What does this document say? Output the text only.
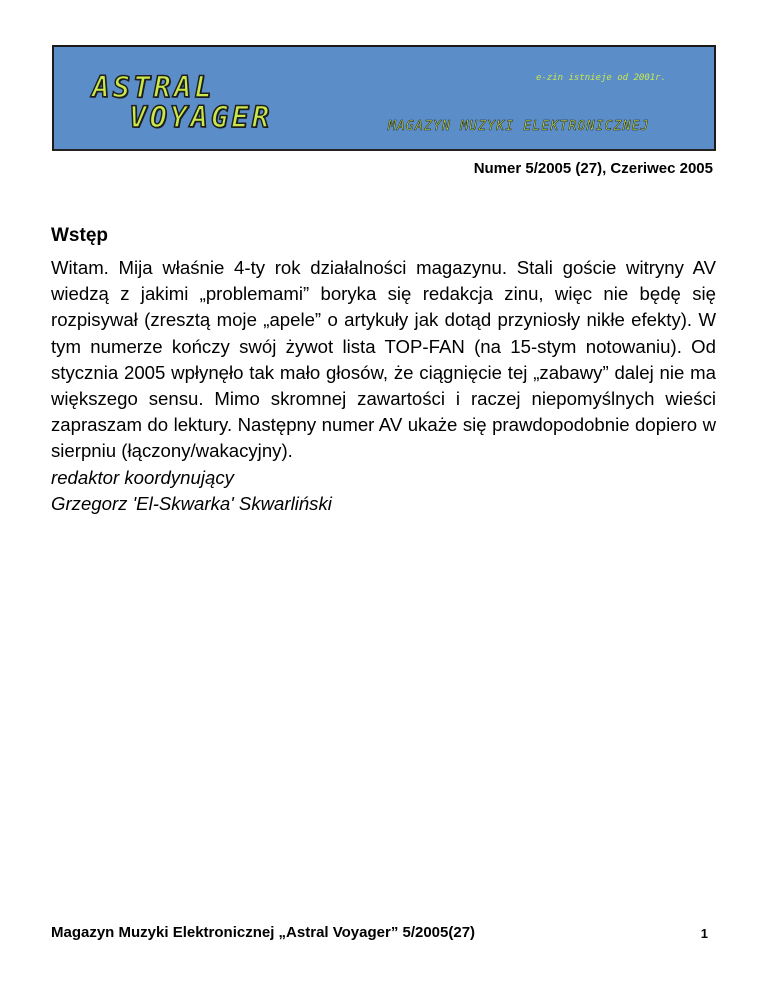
ASTRAL
VOYAGER
e-zin istnieje od 2001r.
MAGAZYN MUZYKI ELEKTRONICZNEJ
Numer 5/2005 (27), Czeriwec 2005
Wstęp

Witam. Mija właśnie 4-ty rok działalności magazynu. Stali goście witryny AV wiedzą z jakimi „problemami” boryka się redakcja zinu, więc nie będę się rozpisywał (zresztą moje „apele” o artykuły jak dotąd przyniosły nikłe efekty). W tym numerze kończy swój żywot lista TOP-FAN (na 15-stym notowaniu). Od stycznia 2005 wpłynęło tak mało głosów, że ciągnięcie tej „zabawy” dalej nie ma większego sensu. Mimo skromnej zawartości i raczej niepomyślnych wieści zapraszam do lektury. Następny numer AV ukaże się prawdopodobnie dopiero w sierpniu (łączony/wakacyjny).

redaktor koordynujący
Grzegorz 'El-Skwarka' Skwarliński
Magazyn Muzyki Elektronicznej „Astral Voyager” 5/2005(27)	1
